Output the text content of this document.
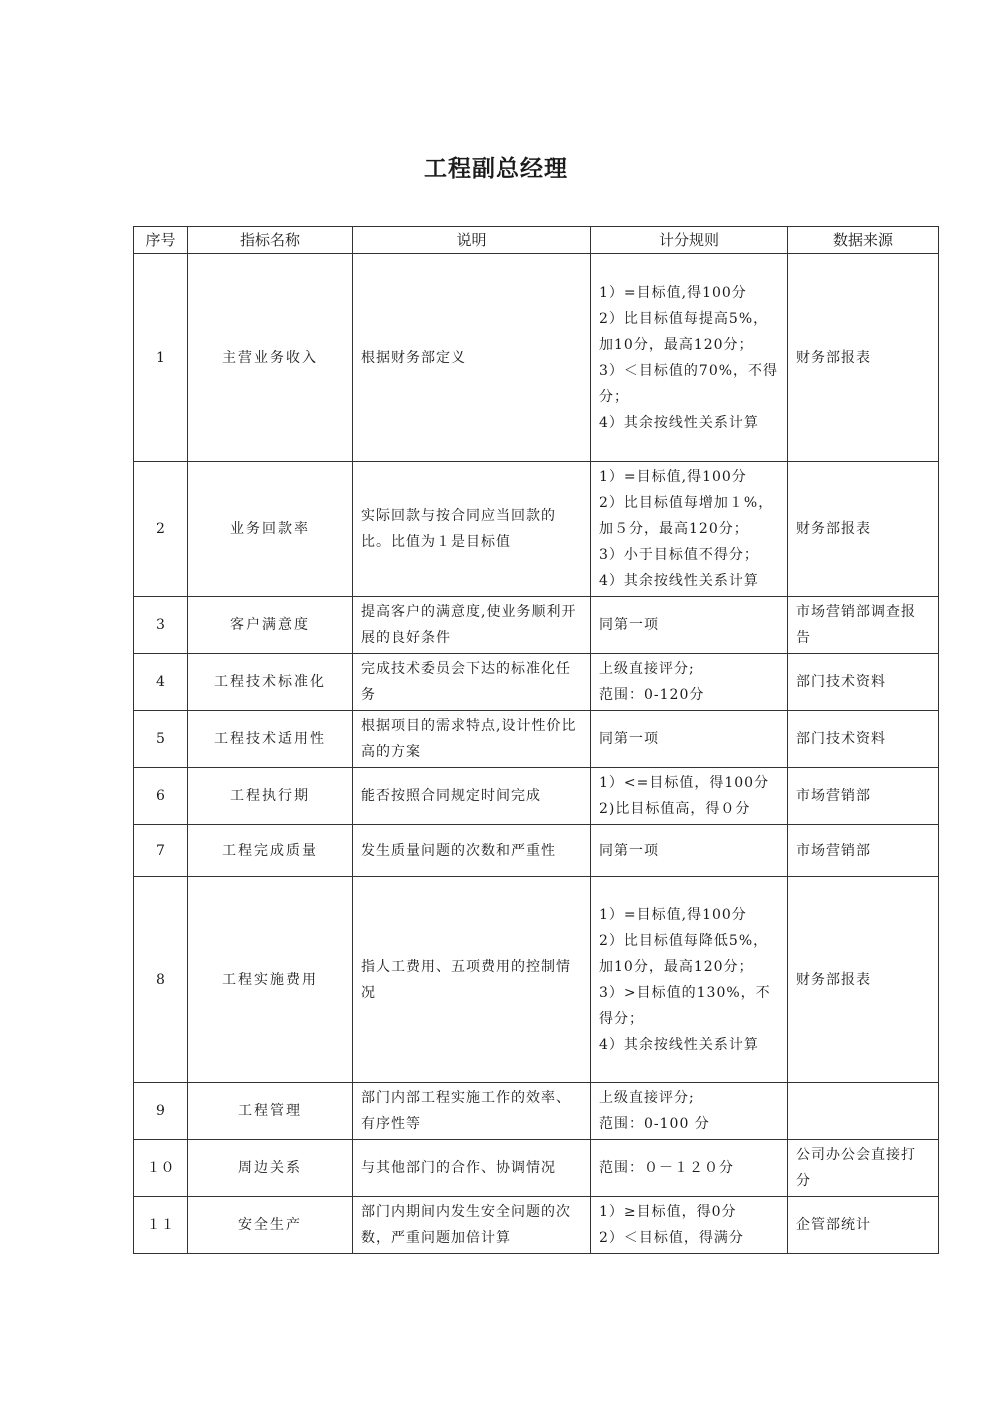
工程副总经理
序号	指标名称	说明	计分规则	数据来源
1	主营业务收入	根据财务部定义	1）=目标值,得100分
2）比目标值每提高5%，加10分，最高120分；
3）＜目标值的70%，不得分；
4）其余按线性关系计算	财务部报表
2	业务回款率	实际回款与按合同应当回款的比。比值为１是目标值	1）=目标值,得100分
2）比目标值每增加１%，加５分，最高120分；
3）小于目标值不得分；
4）其余按线性关系计算	财务部报表
3	客户满意度	提高客户的满意度,使业务顺利开展的良好条件	同第一项	市场营销部调查报告
4	工程技术标准化	完成技术委员会下达的标准化任务	上级直接评分;
范围：0-120分	部门技术资料
5	工程技术适用性	根据项目的需求特点,设计性价比高的方案	同第一项	部门技术资料
6	工程执行期	能否按照合同规定时间完成	1）<=目标值，得100分
2)比目标值高，得０分	市场营销部
7	工程完成质量	发生质量问题的次数和严重性	同第一项	市场营销部
8	工程实施费用	指人工费用、五项费用的控制情况	1）=目标值,得100分
2）比目标值每降低5%，加10分，最高120分；
3）>目标值的130%，不得分；
4）其余按线性关系计算	财务部报表
9	工程管理	部门内部工程实施工作的效率、有序性等	上级直接评分;
范围：0-100 分	

１０	周边关系	与其他部门的合作、协调情况	范围：０－１２０分	公司办公会直接打分
１１	安全生产	部门内期间内发生安全问题的次数，严重问题加倍计算	1）≥目标值，得0分
2）＜目标值，得满分	企管部统计
